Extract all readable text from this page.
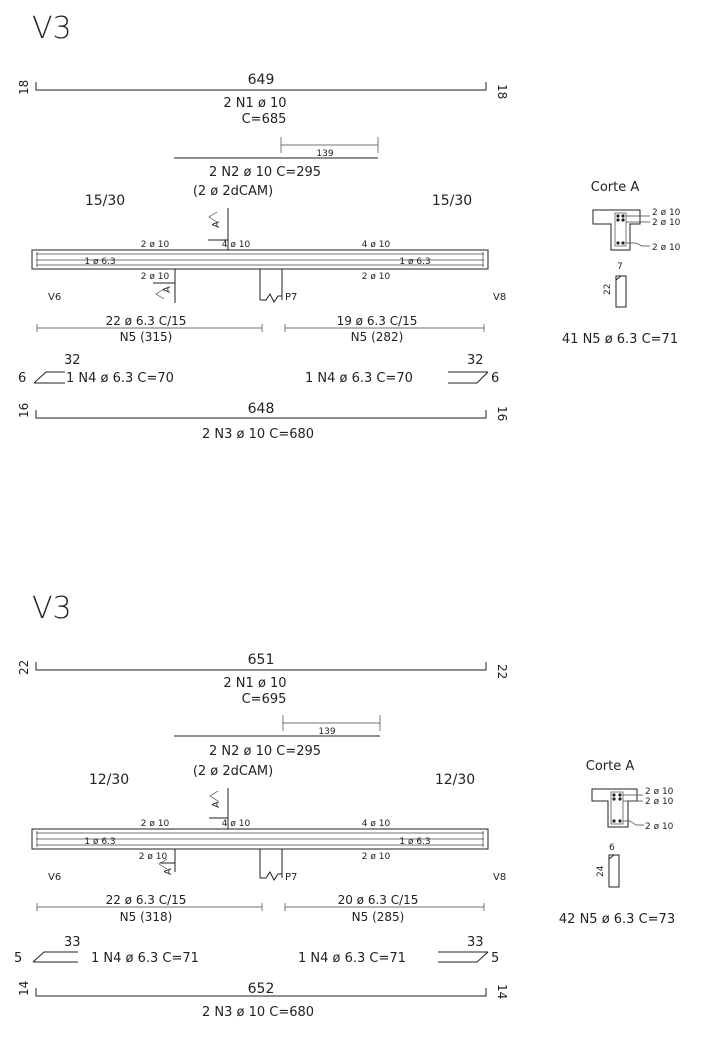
V3
18	18
649
2 N1 ø 10
C=685
139
2 N2 ø 10 C=295
(2 ø 2dCAM)
15/30	15/30
A
A
2 ø 10	4 ø 10	4 ø 10
1 ø 6.3	1 ø 6.3
2 ø 10	2 ø 10
V6	P7	V8
22 ø 6.3 C/15
N5 (315)
19 ø 6.3 C/15
N5 (282)
6
32
1 N4 ø 6.3 C=70	1 N4 ø 6.3 C=70
32
6
16	16
648
2 N3 ø 10 C=680
Corte A
2 ø 10
2 ø 10
2 ø 10
7
22
41 N5 ø 6.3 C=71
V3
22	22
651
2 N1 ø 10
C=695
139
2 N2 ø 10 C=295
(2 ø 2dCAM)
12/30	12/30
A
A
2 ø 10	4 ø 10	4 ø 10
1 ø 6.3	1 ø 6.3
2 ø 10	2 ø 10
V6	P7	V8
22 ø 6.3 C/15
N5 (318)
20 ø 6.3 C/15
N5 (285)
5
33
1 N4 ø 6.3 C=71	1 N4 ø 6.3 C=71
33
5
14	14
652
2 N3 ø 10 C=680
Corte A
2 ø 10
2 ø 10
2 ø 10
6
24
42 N5 ø 6.3 C=73
